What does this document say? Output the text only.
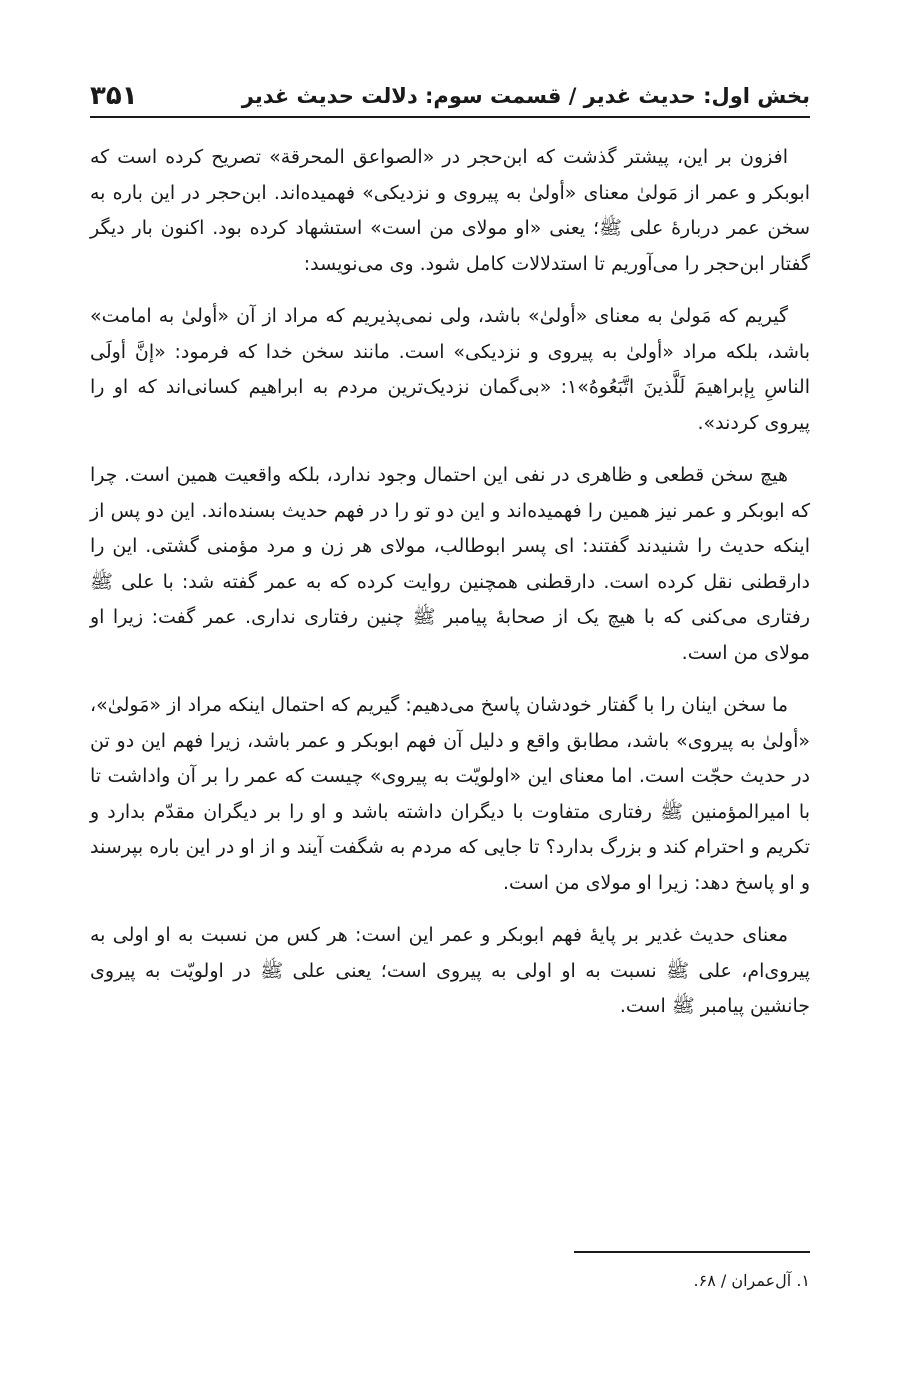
بخش اول: حدیث غدیر / قسمت سوم: دلالت حدیث غدیر
۳۵۱

افزون بر این، پیشتر گذشت که ابن‌حجر در «الصواعق المحرقة» تصریح کرده است که ابوبکر و عمر از مَولیٰ معنای «أولیٰ به پیروی و نزدیکی» فهمیده‌اند. ابن‌حجر در این باره به سخن عمر دربارهٔ علی ﷺ؛ یعنی «او مولای من است» استشهاد کرده بود. اکنون بار دیگر گفتار ابن‌حجر را می‌آوریم تا استدلالات کامل شود. وی می‌نویسد:

گیریم که مَولیٰ به معنای «أولیٰ» باشد، ولی نمی‌پذیریم که مراد از آن «أولیٰ به امامت» باشد، بلکه مراد «أولیٰ به پیروی و نزدیکی» است. مانند سخن خدا که فرمود: «إنَّ أولَی الناسِ بِإبراهیمَ لَلَّذینَ اتَّبَعُوهُ»۱: «بی‌گمان نزدیک‌ترین مردم به ابراهیم کسانی‌اند که او را پیروی کردند».

هیچ سخن قطعی و ظاهری در نفی این احتمال وجود ندارد، بلکه واقعیت همین است. چرا که ابوبکر و عمر نیز همین را فهمیده‌اند و این دو تو را در فهم حدیث بسنده‌اند. این دو پس از اینکه حدیث را شنیدند گفتند: ای پسر ابوطالب، مولای هر زن و مرد مؤمنی گشتی. این را دارقطنی نقل کرده است. دارقطنی همچنین روایت کرده که به عمر گفته شد: با علی ﷺ رفتاری می‌کنی که با هیچ یک از صحابهٔ پیامبر ﷺ چنین رفتاری نداری. عمر گفت: زیرا او مولای من است.

ما سخن اینان را با گفتار خودشان پاسخ می‌دهیم: گیریم که احتمال اینکه مراد از «مَولیٰ»، «أولیٰ به پیروی» باشد، مطابق واقع و دلیل آن فهم ابوبکر و عمر باشد، زیرا فهم این دو تن در حدیث حجّت است. اما معنای این «اولویّت به پیروی» چیست که عمر را بر آن واداشت تا با امیرالمؤمنین ﷺ رفتاری متفاوت با دیگران داشته باشد و او را بر دیگران مقدّم بدارد و تکریم و احترام کند و بزرگ بدارد؟ تا جایی که مردم به شگفت آیند و از او در این باره بپرسند و او پاسخ دهد: زیرا او مولای من است.

معنای حدیث غدیر بر پایهٔ فهم ابوبکر و عمر این است: هر کس من نسبت به او اولی به پیروی‌ام، علی ﷺ نسبت به او اولی به پیروی است؛ یعنی علی ﷺ در اولویّت به پیروی جانشین پیامبر ﷺ است.

۱. آل‌عمران / ۶۸.
